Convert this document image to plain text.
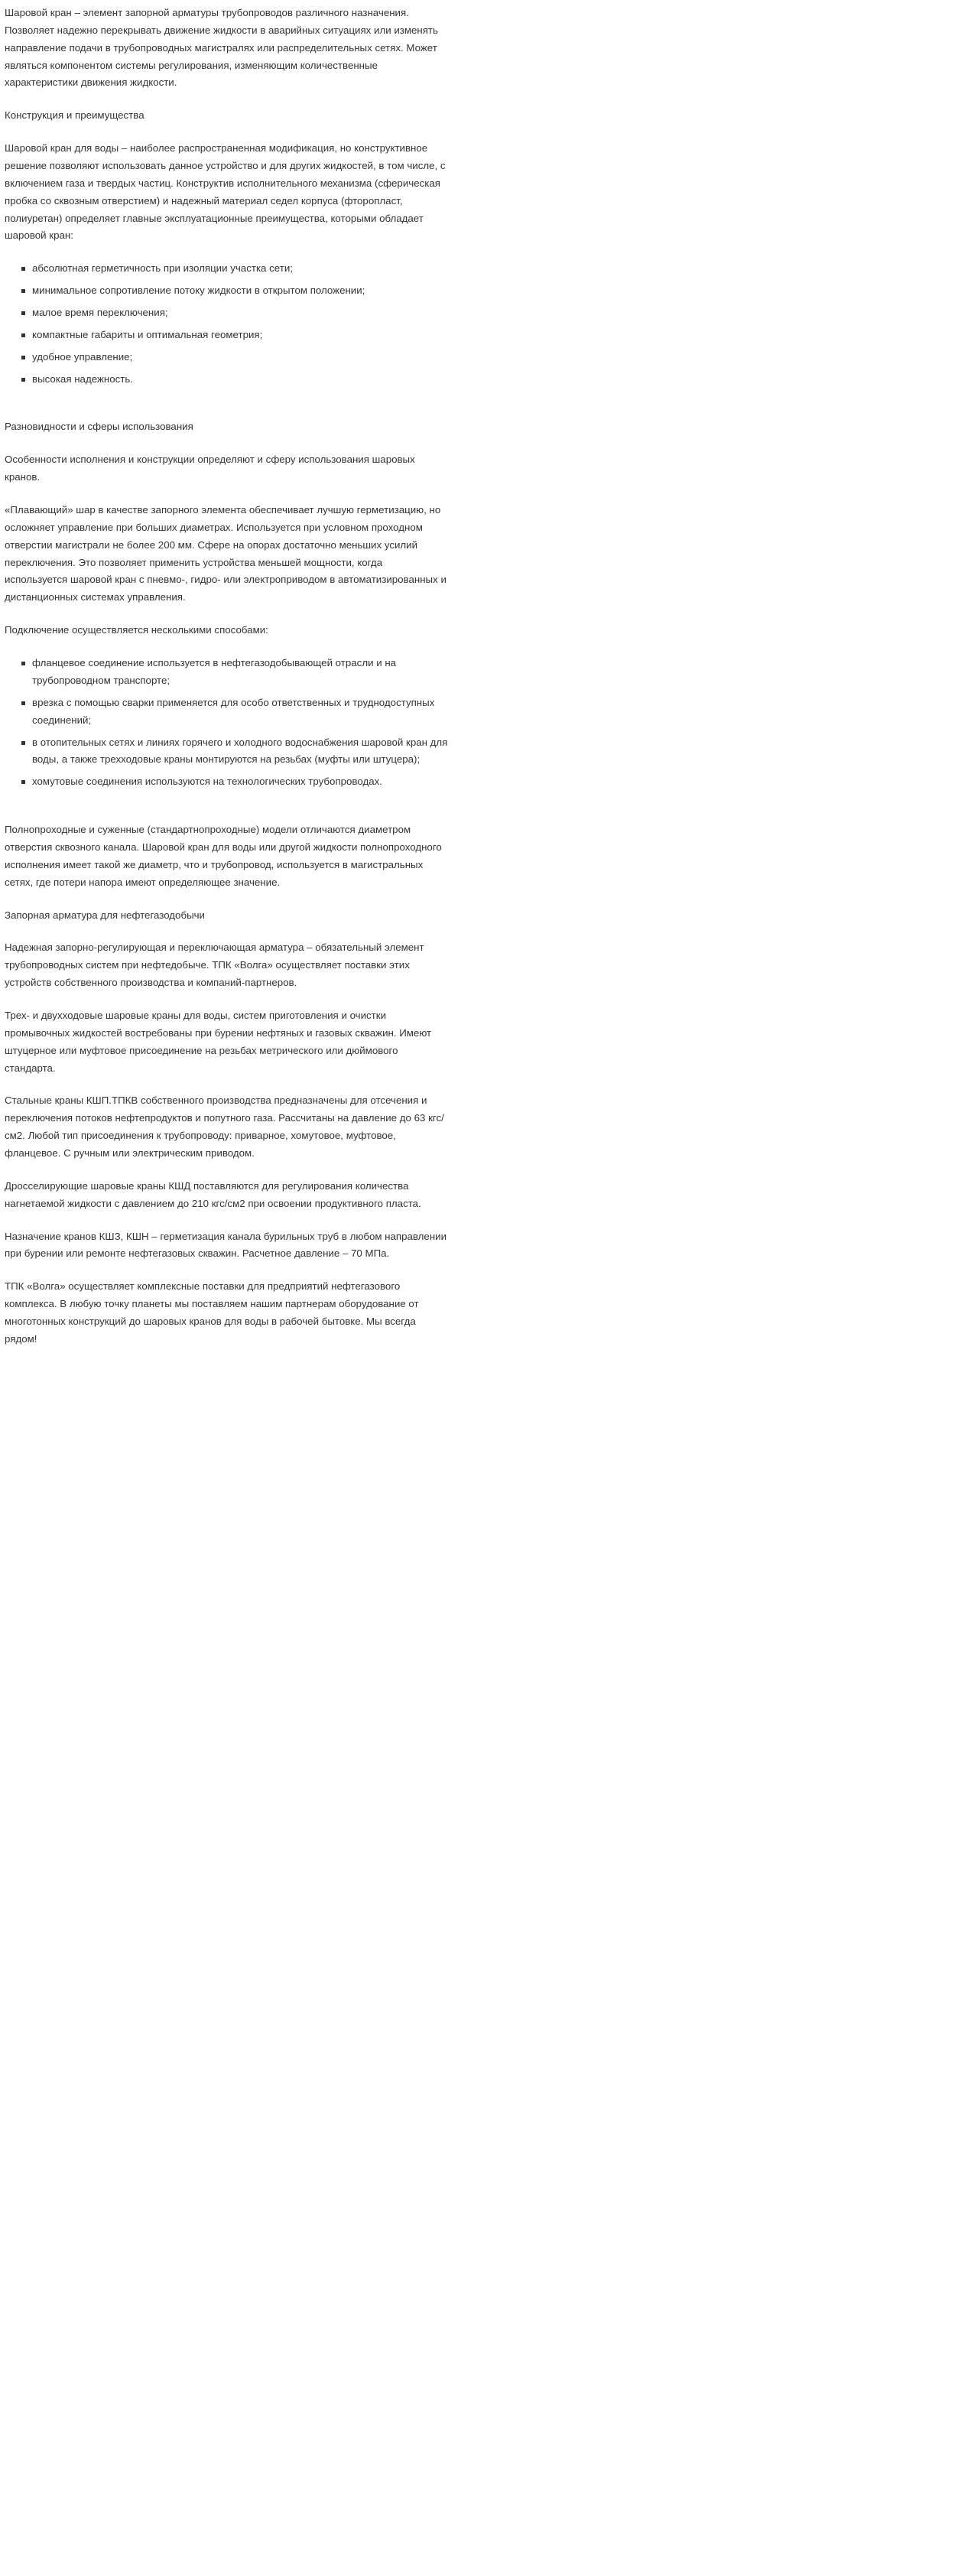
Шаровой кран – элемент запорной арматуры трубопроводов различного назначения. Позволяет надежно перекрывать движение жидкости в аварийных ситуациях или изменять направление подачи в трубопроводных магистралях или распределительных сетях. Может являться компонентом системы регулирования, изменяющим количественные характеристики движения жидкости.

Конструкция и преимущества

Шаровой кран для воды – наиболее распространенная модификация, но конструктивное решение позволяют использовать данное устройство и для других жидкостей, в том числе, с включением газа и твердых частиц. Конструктив исполнительного механизма (сферическая пробка со сквозным отверстием) и надежный материал седел корпуса (фторопласт, полиуретан) определяет главные эксплуатационные преимущества, которыми обладает шаровой кран:

абсолютная герметичность при изоляции участка сети;
минимальное сопротивление потоку жидкости в открытом положении;
малое время переключения;
компактные габариты и оптимальная геометрия;
удобное управление;
высокая надежность.
Разновидности и сферы использования

Особенности исполнения и конструкции определяют и сферу использования шаровых кранов.

«Плавающий» шар в качестве запорного элемента обеспечивает лучшую герметизацию, но осложняет управление при больших диаметрах. Используется при условном проходном отверстии магистрали не более 200 мм. Сфере на опорах достаточно меньших усилий переключения. Это позволяет применить устройства меньшей мощности, когда используется шаровой кран с пневмо-, гидро- или электроприводом в автоматизированных и дистанционных системах управления.

Подключение осуществляется несколькими способами:

фланцевое соединение используется в нефтегазодобывающей отрасли и на трубопроводном транспорте;
врезка с помощью сварки применяется для особо ответственных и труднодоступных соединений;
в отопительных сетях и линиях горячего и холодного водоснабжения шаровой кран для воды, а также трехходовые краны монтируются на резьбах (муфты или штуцера);
хомутовые соединения используются на технологических трубопроводах.

Полнопроходные и суженные (стандартнопроходные) модели отличаются диаметром отверстия сквозного канала. Шаровой кран для воды или другой жидкости полнопроходного исполнения имеет такой же диаметр, что и трубопровод, используется в магистральных сетях, где потери напора имеют определяющее значение.

Запорная арматура для нефтегазодобычи

Надежная запорно-регулирующая и переключающая арматура – обязательный элемент трубопроводных систем при нефтедобыче. ТПК «Волга» осуществляет поставки этих устройств собственного производства и компаний-партнеров.

Трех- и двухходовые шаровые краны для воды, систем приготовления и очистки промывочных жидкостей востребованы при бурении нефтяных и газовых скважин. Имеют штуцерное или муфтовое присоединение на резьбах метрического или дюймового стандарта.

Стальные краны КШП.ТПКВ собственного производства предназначены для отсечения и переключения потоков нефтепродуктов и попутного газа. Рассчитаны на давление до 63 кгс/см2. Любой тип присоединения к трубопроводу: приварное, хомутовое, муфтовое, фланцевое. С ручным или электрическим приводом.

Дросселирующие шаровые краны КШД поставляются для регулирования количества нагнетаемой жидкости с давлением до 210 кгс/см2 при освоении продуктивного пласта.

Назначение кранов КШЗ, КШН – герметизация канала бурильных труб в любом направлении при бурении или ремонте нефтегазовых скважин. Расчетное давление – 70 МПа.

ТПК «Волга» осуществляет комплексные поставки для предприятий нефтегазового комплекса. В любую точку планеты мы поставляем нашим партнерам оборудование от многотонных конструкций до шаровых кранов для воды в рабочей бытовке. Мы всегда рядом!
